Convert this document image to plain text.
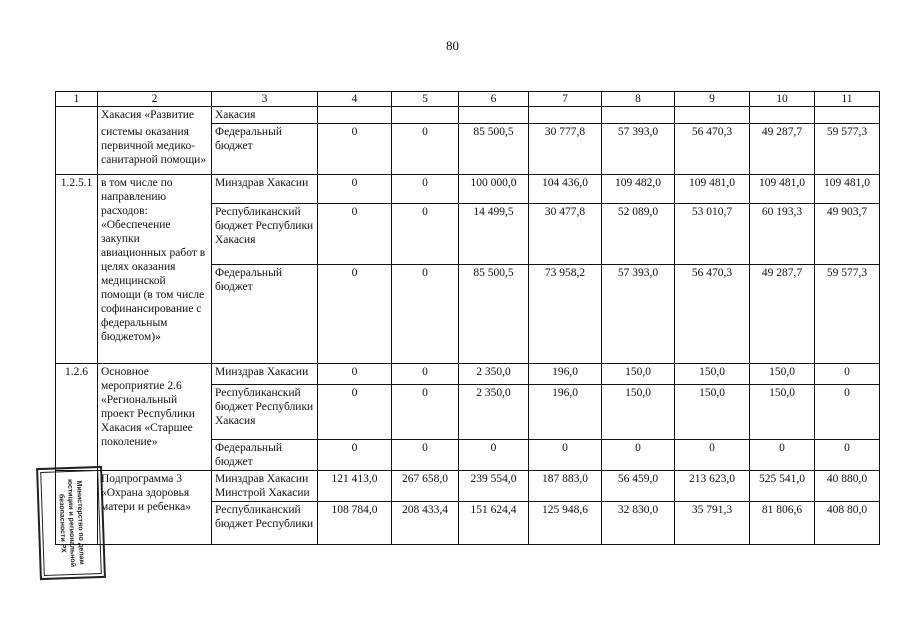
80
1	2	3	4	5	6	7	8	9	10	11
	Хакасия «Развитие	Хакасия								
	системы оказания первичной медико-санитарной помощи»	Федеральный бюджет	0	0	85 500,5	30 777,8	57 393,0	56 470,3	49 287,7	59 577,3
1.2.5.1	в том числе по направлению расходов: «Обеспечение закупки авиационных работ в целях оказания медицинской помощи (в том числе софинансирование с федеральным бюджетом)»	Минздрав Хакасии	0	0	100 000,0	104 436,0	109 482,0	109 481,0	109 481,0	109 481,0
		Республиканский бюджет Республики Хакасия	0	0	14 499,5	30 477,8	52 089,0	53 010,7	60 193,3	49 903,7
		Федеральный бюджет	0	0	85 500,5	73 958,2	57 393,0	56 470,3	49 287,7	59 577,3
1.2.6	Основное мероприятие 2.6 «Региональный проект Республики Хакасия «Старшее поколение»	Минздрав Хакасии	0	0	2 350,0	196,0	150,0	150,0	150,0	0
		Республиканский бюджет Республики Хакасия	0	0	2 350,0	196,0	150,0	150,0	150,0	0
		Федеральный бюджет	0	0	0	0	0	0	0	0
	Подпрограмма 3 «Охрана здоровья матери и ребенка»	Минздрав Хакасии Минстрой Хакасии	121 413,0	267 658,0	239 554,0	187 883,0	56 459,0	213 623,0	525 541,0	40 880,0
		Республиканский бюджет Республики	108 784,0	208 433,4	151 624,4	125 948,6	32 830,0	35 791,3	81 806,6	408 80,0
Министерство по делам юстиции и региональной безопасности РХ
